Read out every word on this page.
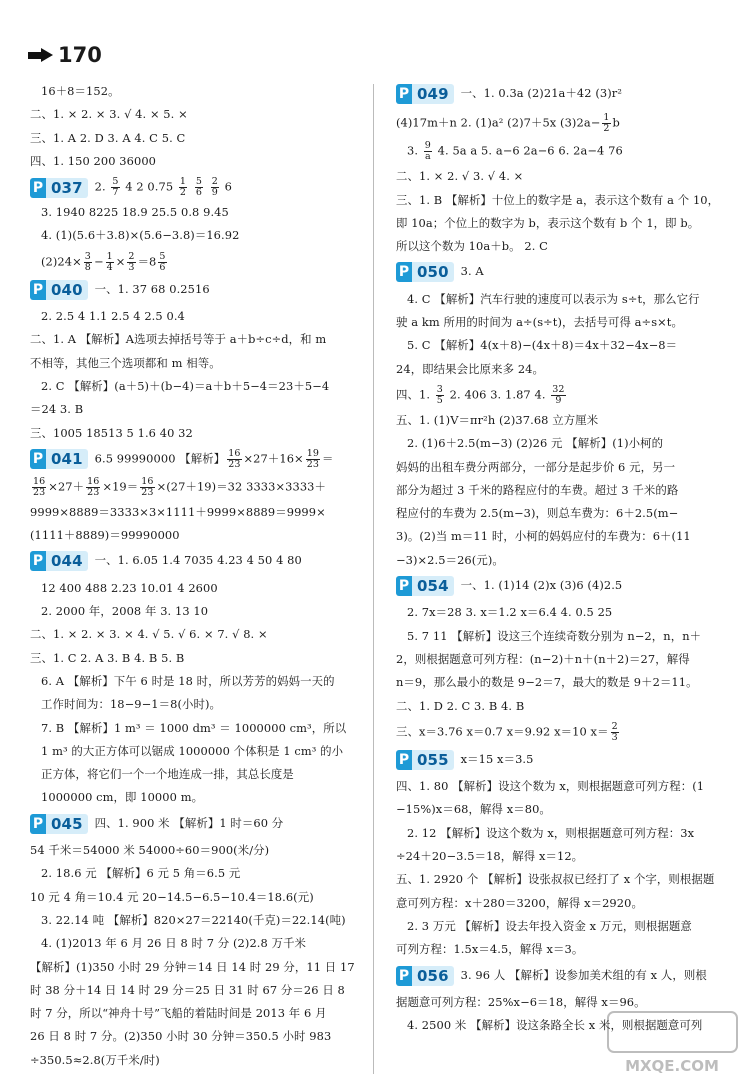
170
16＋8＝152。
二、1. × 2. × 3. √ 4. × 5. ×
三、1. A 2. D 3. A 4. C 5. C
四、1. 150 200 36000
P 037	2. $\frac{5}{7} 4$ 2 $0.75 \frac{1}{2}$
$\frac{5}{6}$
$\frac{2}{9} 6$
3. 1940 8225 18.9 25.5 0.8 9.45
4. (1)(5.6＋3.8)×(5.6−3.8)＝16.92
$(2)24\times \frac{3}{8} - \frac{1}{4} \times \frac{2}{3} =8 \frac{5}{6}$
P 040	一、1. 37 68 0.2516
2. 2.5 4 1.1 2.5 4 2.5 0.4
二、1. A 【解析】A选项去掉括号等于 a＋b÷c÷d，和 m
不相等，其他三个选项都和 m 相等。
2. C 【解析】(a＋5)＋(b−4)＝a＋b＋5−4＝23＋5−4
＝24 3. B
三、1005 18513 5 1.6 40 32
P 041	6.5 99990000 【解析】 $\frac{16}{23} \times 27+16\times \frac{19}{23}$ ＝
$\frac{16}{23} \times 27+ \frac{16}{23} \times 19= \frac{16}{23} \times(27+19)=32$ 3333×3333＋
9999×8889＝3333×3×1111＋9999×8889＝9999×
(1111＋8889)＝99990000
P 044	一、1. 6.05 1.4 7035 4.23 4 50 4 80
12 400 488 2.23 10.01 4 2600
2. 2000 年，2008 年 3. 13 10
二、1. × 2. × 3. × 4. √ 5. √ 6. × 7. √ 8. ×
三、1. C 2. A 3. B 4. B 5. B
6. A 【解析】下午 6 时是 18 时，所以芳芳的妈妈一天的
工作时间为：18−9−1＝8(小时)。
7. B 【解析】1 m³ ＝ 1000 dm³ ＝ 1000000 cm³，所以
1 m³ 的大正方体可以锯成 1000000 个体积是 1 cm³ 的小
正方体，将它们一个一个地连成一排，其总长度是
1000000 cm，即 10000 m。
P 045	四、1. 900 米 【解析】1 时＝60 分
54 千米＝54000 米 54000÷60＝900(米/分)
2. 18.6 元 【解析】6 元 5 角＝6.5 元
10 元 4 角＝10.4 元 20−14.5−6.5−10.4＝18.6(元)
3. 22.14 吨 【解析】820×27＝22140(千克)＝22.14(吨)
4. (1)2013 年 6 月 26 日 8 时 7 分 (2)2.8 万千米
【解析】(1)350 小时 29 分钟＝14 日 14 时 29 分，11 日 17
时 38 分＋14 日 14 时 29 分＝25 日 31 时 67 分＝26 日 8
时 7 分，所以“神舟十号”飞船的着陆时间是 2013 年 6 月
26 日 8 时 7 分。(2)350 小时 30 分钟＝350.5 小时 983
÷350.5≈2.8(万千米/时)
P 049	一、1. 0.3a (2)21a＋42 (3)r²
(4)17m＋n 2. (1)a² (2)7＋5x $(3)2a- \frac{1}{2}$ b
3. $\frac{9}{a} 4$. 5a a 5. a−6 2a−6 6. 2a−4 76
二、1. × 2. √ 3. √ 4. ×
三、1. B 【解析】十位上的数字是 a，表示这个数有 a 个 10，
即 10a；个位上的数字为 b，表示这个数有 b 个 1，即 b。
所以这个数为 10a＋b。 2. C
P 050	3. A
4. C 【解析】汽车行驶的速度可以表示为 s÷t，那么它行
驶 a km 所用的时间为 a÷(s÷t)，去括号可得 a÷s×t。
5. C 【解析】4(x＋8)−(4x＋8)＝4x＋32−4x−8＝
24，即结果会比原来多 24。
四、1. $\frac{3}{5} 2$. 406 3. 1.87 4. $\frac{32}{9}$
五、1. (1)V＝πr²h (2)37.68 立方厘米
2. (1)6＋2.5(m−3) (2)26 元 【解析】(1)小柯的
妈妈的出租车费分两部分，一部分是起步价 6 元，另一
部分为超过 3 千米的路程应付的车费。超过 3 千米的路
程应付的车费为 2.5(m−3)，则总车费为：6＋2.5(m−
3)。(2)当 m＝11 时，小柯的妈妈应付的车费为：6＋(11
−3)×2.5＝26(元)。
P 054	一、1. (1)14 (2)x (3)6 (4)2.5
2. 7x＝28 3. x＝1.2 x＝6.4 4. 0.5 25
5. 7 11 【解析】设这三个连续奇数分别为 n−2，n，n＋
2，则根据题意可列方程：(n−2)＋n＋(n＋2)＝27，解得
n＝9，那么最小的数是 9−2＝7，最大的数是 9＋2＝11。
二、1. D 2. C 3. B 4. B
三、x＝3.76 x＝0.7 x＝9.92 x＝10 $x= \frac{2}{3}$
P 055	x＝15 x＝3.5
四、1. 80 【解析】设这个数为 x，则根据题意可列方程：(1
−15%)x＝68，解得 x＝80。
2. 12 【解析】设这个数为 x，则根据题意可列方程：3x
÷24＋20−3.5＝18，解得 x＝12。
五、1. 2920 个 【解析】设张叔叔已经打了 x 个字，则根据题
意可列方程：x＋280＝3200，解得 x＝2920。
2. 3 万元 【解析】设去年投入资金 x 万元，则根据题意
可列方程：1.5x＝4.5，解得 x＝3。
P 056	3. 96 人 【解析】设参加美术组的有 x 人，则根
据题意可列方程：25%x−6＝18，解得 x＝96。
4. 2500 米 【解析】设这条路全长 x 米，则根据题意可列
MXQE.COM
